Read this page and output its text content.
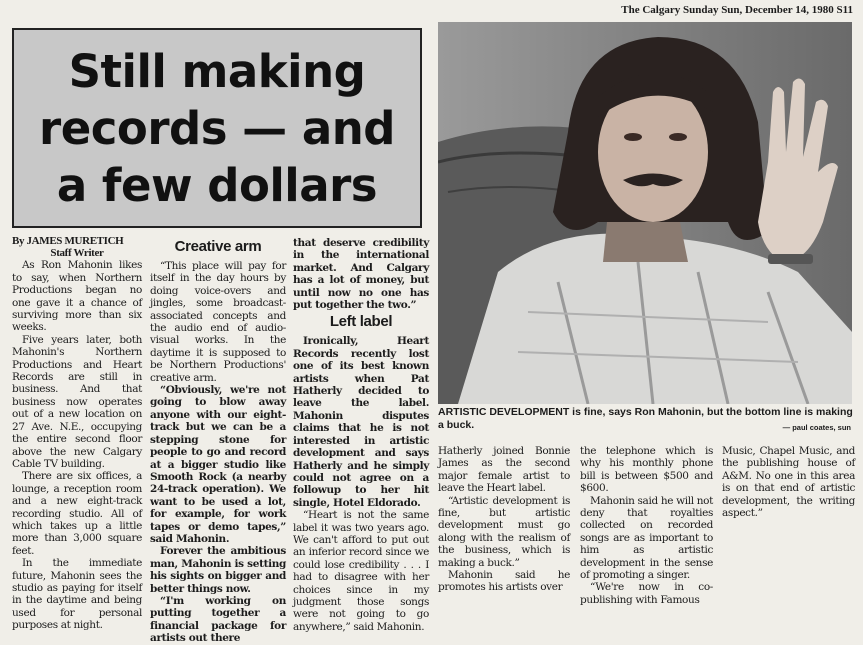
The Calgary Sunday Sun, December 14, 1980 S11
Still making
records — and
a few dollars
ARTISTIC DEVELOPMENT is fine, says Ron Mahonin, but the bottom line is making a buck.	— paul coates, sun
By JAMES MURETICH
Staff Writer

As Ron Mahonin likes to say, when Northern Productions began no one gave it a chance of surviving more than six weeks.

Five years later, both Mahonin's Northern Productions and Heart Records are still in business. And that business now operates out of a new location on 27 Ave. N.E., occupying the entire second floor above the new Calgary Cable TV building.

There are six offices, a lounge, a reception room and a new eight-track recording studio. All of which takes up a little more than 3,000 square feet.

In the immediate future, Mahonin sees the studio as paying for itself in the daytime and being used for personal purposes at night.

Creative arm

“This place will pay for itself in the day hours by doing voice-overs and jingles, some broadcast-associated concepts and the audio end of audio-visual works. In the daytime it is supposed to be Northern Productions' creative arm.

“Obviously, we're not going to blow away anyone with our eight-track but we can be a stepping stone for people to go and record at a bigger studio like Smooth Rock (a nearby 24-track operation). We want to be used a lot, for example, for work tapes or demo tapes,” said Mahonin.

Forever the ambitious man, Mahonin is setting his sights on bigger and better things now.

“I'm working on putting together a financial package for artists out there

that deserve credibility in the international market. And Calgary has a lot of money, but until now no one has put together the two.”

Left label

Ironically, Heart Records recently lost one of its best known artists when Pat Hatherly decided to leave the label. Mahonin disputes claims that he is not interested in artistic development and says Hatherly and he simply could not agree on a followup to her hit single, Hotel Eldorado.

“Heart is not the same label it was two years ago. We can't afford to put out an inferior record since we could lose credibility . . . I had to disagree with her choices since in my judgment those songs were not going to go anywhere,” said Mahonin.

Hatherly joined Bonnie James as the second major female artist to leave the Heart label.

“Artistic development is fine, but artistic development must go along with the realism of the business, which is making a buck.”

Mahonin said he promotes his artists over

the telephone which is why his monthly phone bill is between $500 and $600.

Mahonin said he will not deny that royalties collected on recorded songs are as important to him as artistic development in the sense of promoting a singer.

“We're now in co-publishing with Famous

Music, Chapel Music, and the publishing house of A&M. No one in this area is on that end of artistic development, the writing aspect.”
